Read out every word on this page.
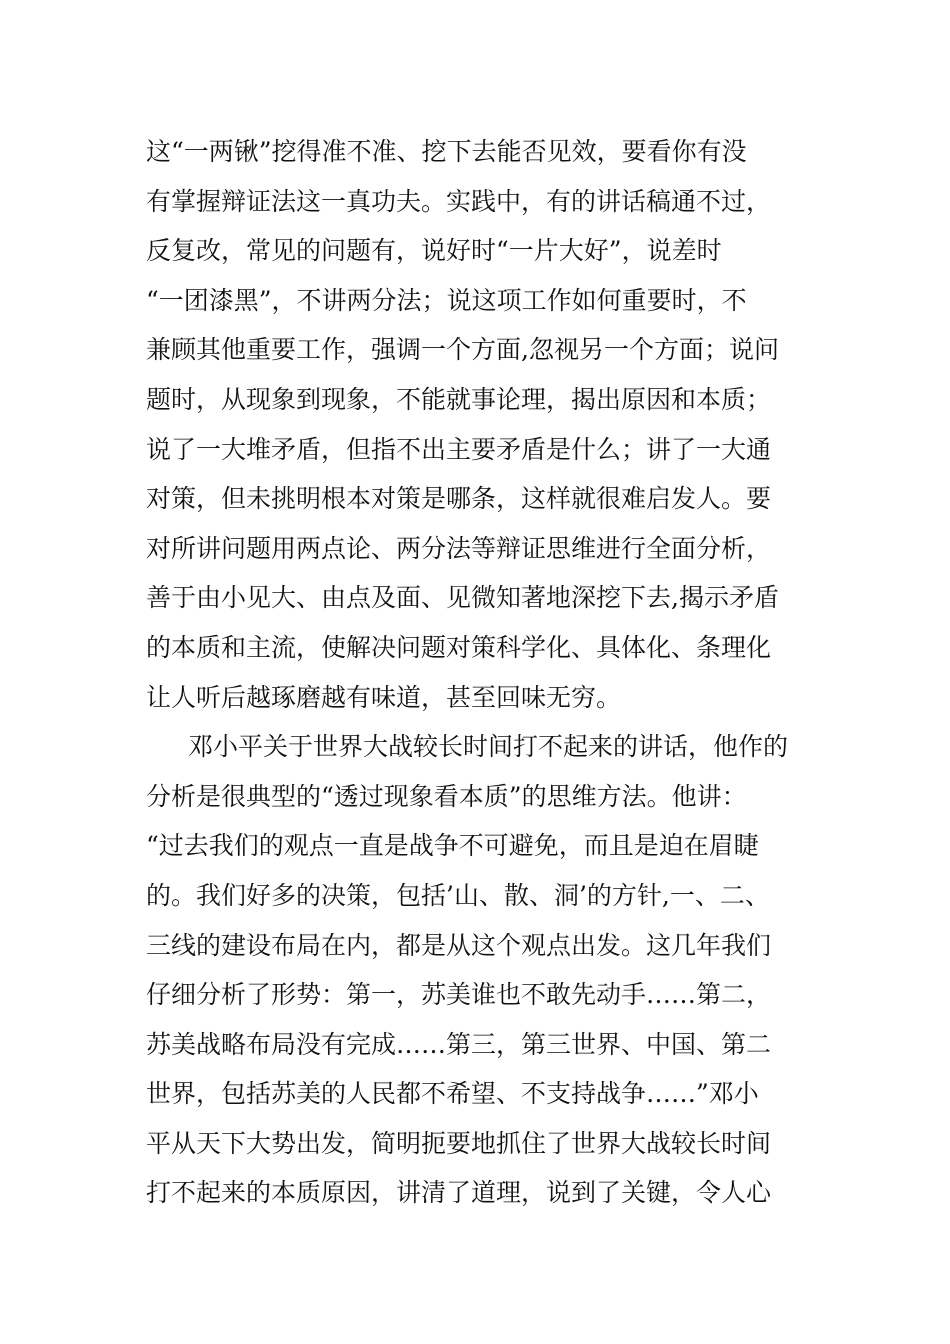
这“一两锹”挖得准不准、挖下去能否见效，要看你有没
有掌握辩证法这一真功夫。实践中，有的讲话稿通不过，
反复改，常见的问题有，说好时“一片大好”，说差时
“一团漆黑”，不讲两分法；说这项工作如何重要时，不
兼顾其他重要工作，强调一个方面,忽视另一个方面；说问
题时，从现象到现象，不能就事论理，揭出原因和本质；
说了一大堆矛盾，但指不出主要矛盾是什么；讲了一大通
对策，但未挑明根本对策是哪条，这样就很难启发人。要
对所讲问题用两点论、两分法等辩证思维进行全面分析，
善于由小见大、由点及面、见微知著地深挖下去,揭示矛盾
的本质和主流，使解决问题对策科学化、具体化、条理化
让人听后越琢磨越有味道，甚至回味无穷。
邓小平关于世界大战较长时间打不起来的讲话，他作的
分析是很典型的“透过现象看本质”的思维方法。他讲：
“过去我们的观点一直是战争不可避免，而且是迫在眉睫
的。我们好多的决策，包括’山、散、洞’的方针,一、二、
三线的建设布局在内，都是从这个观点出发。这几年我们
仔细分析了形势：第一，苏美谁也不敢先动手……第二，
苏美战略布局没有完成……第三，第三世界、中国、第二
世界，包括苏美的人民都不希望、不支持战争……”邓小
平从天下大势出发，简明扼要地抓住了世界大战较长时间
打不起来的本质原因，讲清了道理，说到了关键，令人心
